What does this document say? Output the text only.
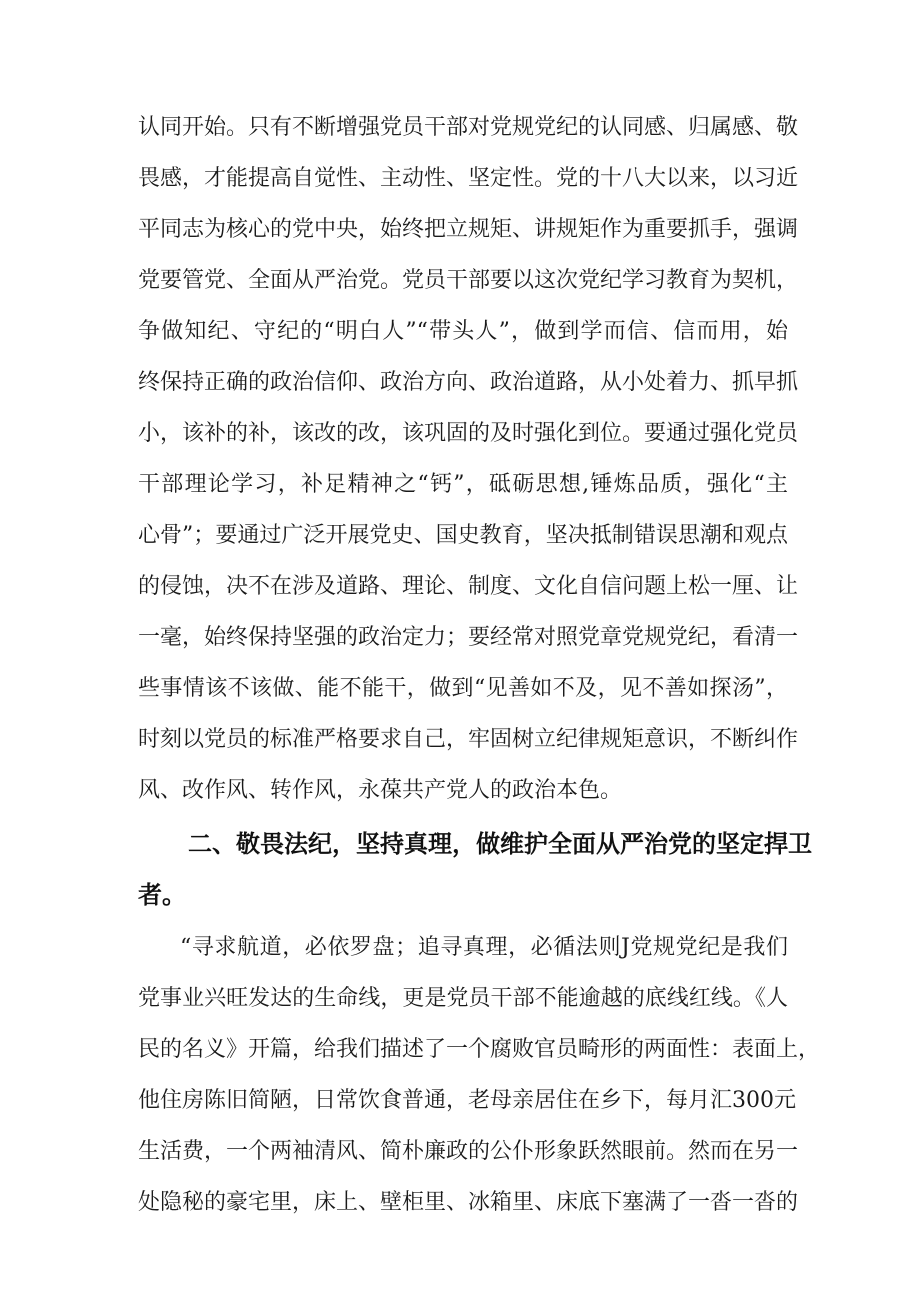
认同开始。只有不断增强党员干部对党规党纪的认同感、归属感、敬
畏感，才能提高自觉性、主动性、坚定性。党的十八大以来，以习近
平同志为核心的党中央，始终把立规矩、讲规矩作为重要抓手，强调
党要管党、全面从严治党。党员干部要以这次党纪学习教育为契机，
争做知纪、守纪的“明白人”“带头人”，做到学而信、信而用，始
终保持正确的政治信仰、政治方向、政治道路，从小处着力、抓早抓
小，该补的补，该改的改，该巩固的及时强化到位。要通过强化党员
干部理论学习，补足精神之“钙”，砥砺思想,锤炼品质，强化“主
心骨”；要通过广泛开展党史、国史教育，坚决抵制错误思潮和观点
的侵蚀，决不在涉及道路、理论、制度、文化自信问题上松一厘、让
一毫，始终保持坚强的政治定力；要经常对照党章党规党纪，看清一
些事情该不该做、能不能干，做到“见善如不及，见不善如探汤”，
时刻以党员的标准严格要求自己，牢固树立纪律规矩意识，不断纠作
风、改作风、转作风，永葆共产党人的政治本色。
二、敬畏法纪，坚持真理，做维护全面从严治党的坚定捍卫
者。
“寻求航道，必依罗盘；追寻真理，必循法则J党规党纪是我们
党事业兴旺发达的生命线，更是党员干部不能逾越的底线红线。《人
民的名义》开篇，给我们描述了一个腐败官员畸形的两面性：表面上，
他住房陈旧简陋，日常饮食普通，老母亲居住在乡下，每月汇300元
生活费，一个两袖清风、简朴廉政的公仆形象跃然眼前。然而在另一
处隐秘的豪宅里，床上、壁柜里、冰箱里、床底下塞满了一沓一沓的
